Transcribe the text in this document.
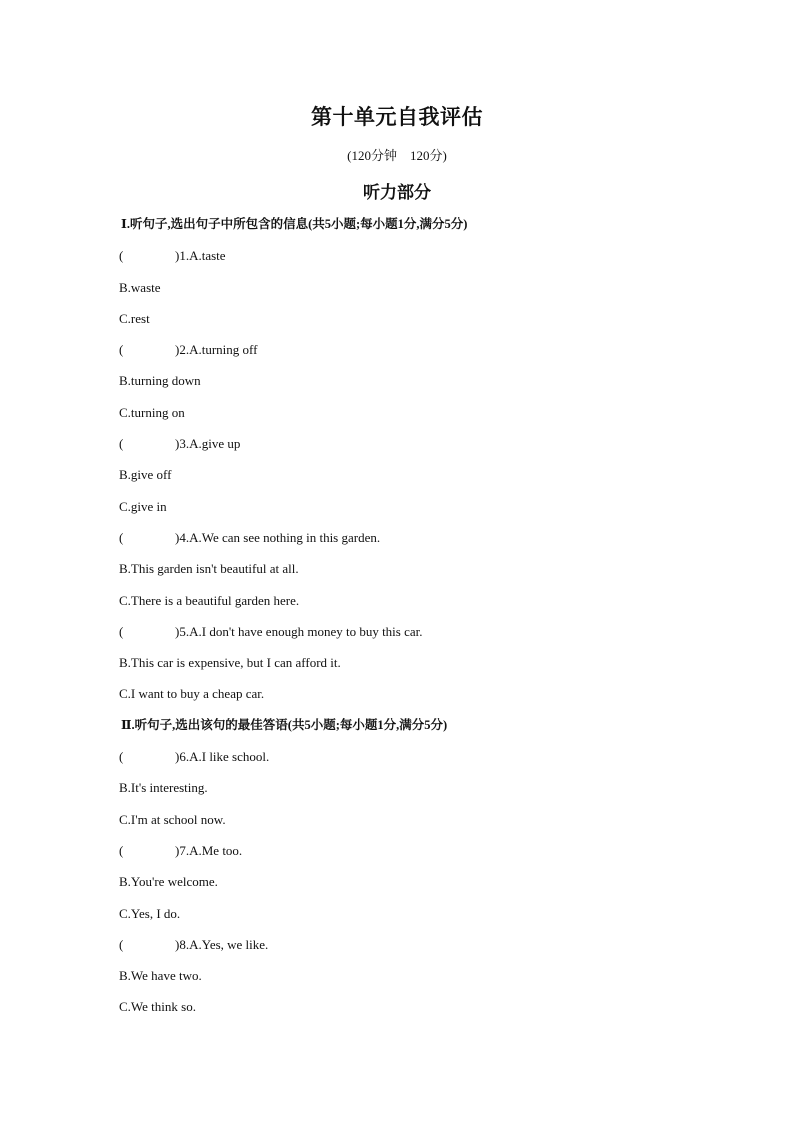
第十单元自我评估
(120分钟　120分)
听力部分
Ⅰ.听句子,选出句子中所包含的信息(共5小题;每小题1分,满分5分)
(	)1.A.taste
B.waste
C.rest
(	)2.A.turning off
B.turning down
C.turning on
(	)3.A.give up
B.give off
C.give in
(	)4.A.We can see nothing in this garden.
B.This garden isn't beautiful at all.
C.There is a beautiful garden here.
(	)5.A.I don't have enough money to buy this car.
B.This car is expensive, but I can afford it.
C.I want to buy a cheap car.
Ⅱ.听句子,选出该句的最佳答语(共5小题;每小题1分,满分5分)
(	)6.A.I like school.
B.It's interesting.
C.I'm at school now.
(	)7.A.Me too.
B.You're welcome.
C.Yes, I do.
(	)8.A.Yes, we like.
B.We have two.
C.We think so.
